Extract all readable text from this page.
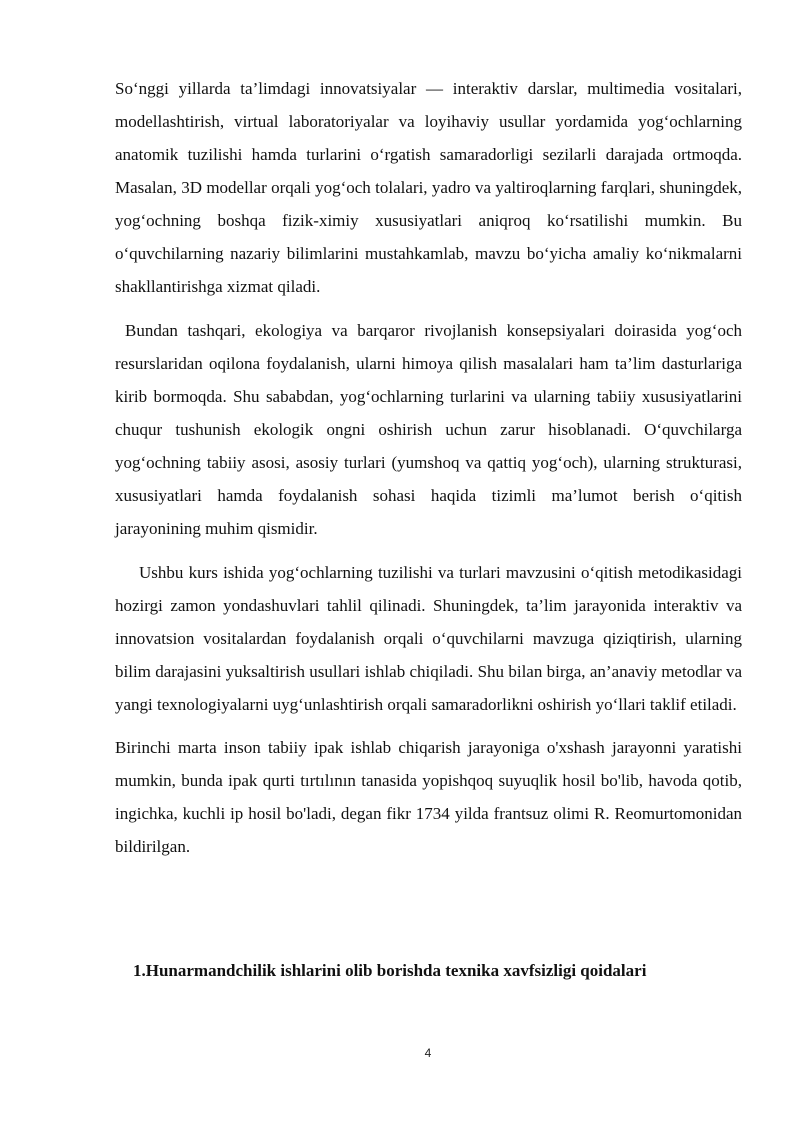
So‘nggi yillarda ta’limdagi innovatsiyalar — interaktiv darslar, multimedia vositalari, modellashtirish, virtual laboratoriyalar va loyihaviy usullar yordamida yog‘ochlarning anatomik tuzilishi hamda turlarini o‘rgatish samaradorligi sezilarli darajada ortmoqda. Masalan, 3D modellar orqali yog‘och tolalari, yadro va yaltiroqlarning farqlari, shuningdek, yog‘ochning boshqa fizik-ximiy xususiyatlari aniqroq ko‘rsatilishi mumkin. Bu o‘quvchilarning nazariy bilimlarini mustahkamlab, mavzu bo‘yicha amaliy ko‘nikmalarni shakllantirishga xizmat qiladi.

Bundan tashqari, ekologiya va barqaror rivojlanish konsepsiyalari doirasida yog‘och resurslaridan oqilona foydalanish, ularni himoya qilish masalalari ham ta’lim dasturlariga kirib bormoqda. Shu sababdan, yog‘ochlarning turlarini va ularning tabiiy xususiyatlarini chuqur tushunish ekologik ongni oshirish uchun zarur hisoblanadi. O‘quvchilarga yog‘ochning tabiiy asosi, asosiy turlari (yumshoq va qattiq yog‘och), ularning strukturasi, xususiyatlari hamda foydalanish sohasi haqida tizimli ma’lumot berish o‘qitish jarayonining muhim qismidir.

Ushbu kurs ishida yog‘ochlarning tuzilishi va turlari mavzusini o‘qitish metodikasidagi hozirgi zamon yondashuvlari tahlil qilinadi. Shuningdek, ta’lim jarayonida interaktiv va innovatsion vositalardan foydalanish orqali o‘quvchilarni mavzuga qiziqtirish, ularning bilim darajasini yuksaltirish usullari ishlab chiqiladi. Shu bilan birga, an’anaviy metodlar va yangi texnologiyalarni uyg‘unlashtirish orqali samaradorlikni oshirish yo‘llari taklif etiladi.

Birinchi marta inson tabiiy ipak ishlab chiqarish jarayoniga o'xshash jarayonni yaratishi mumkin, bunda ipak qurti tırtılının tanasida yopishqoq suyuqlik hosil bo'lib, havoda qotib, ingichka, kuchli ip hosil bo'ladi, degan fikr 1734 yilda frantsuz olimi R. Reomurtomonidan bildirilgan.

1.Hunarmandchilik ishlarini olib borishda texnika xavfsizligi qoidalari
4
